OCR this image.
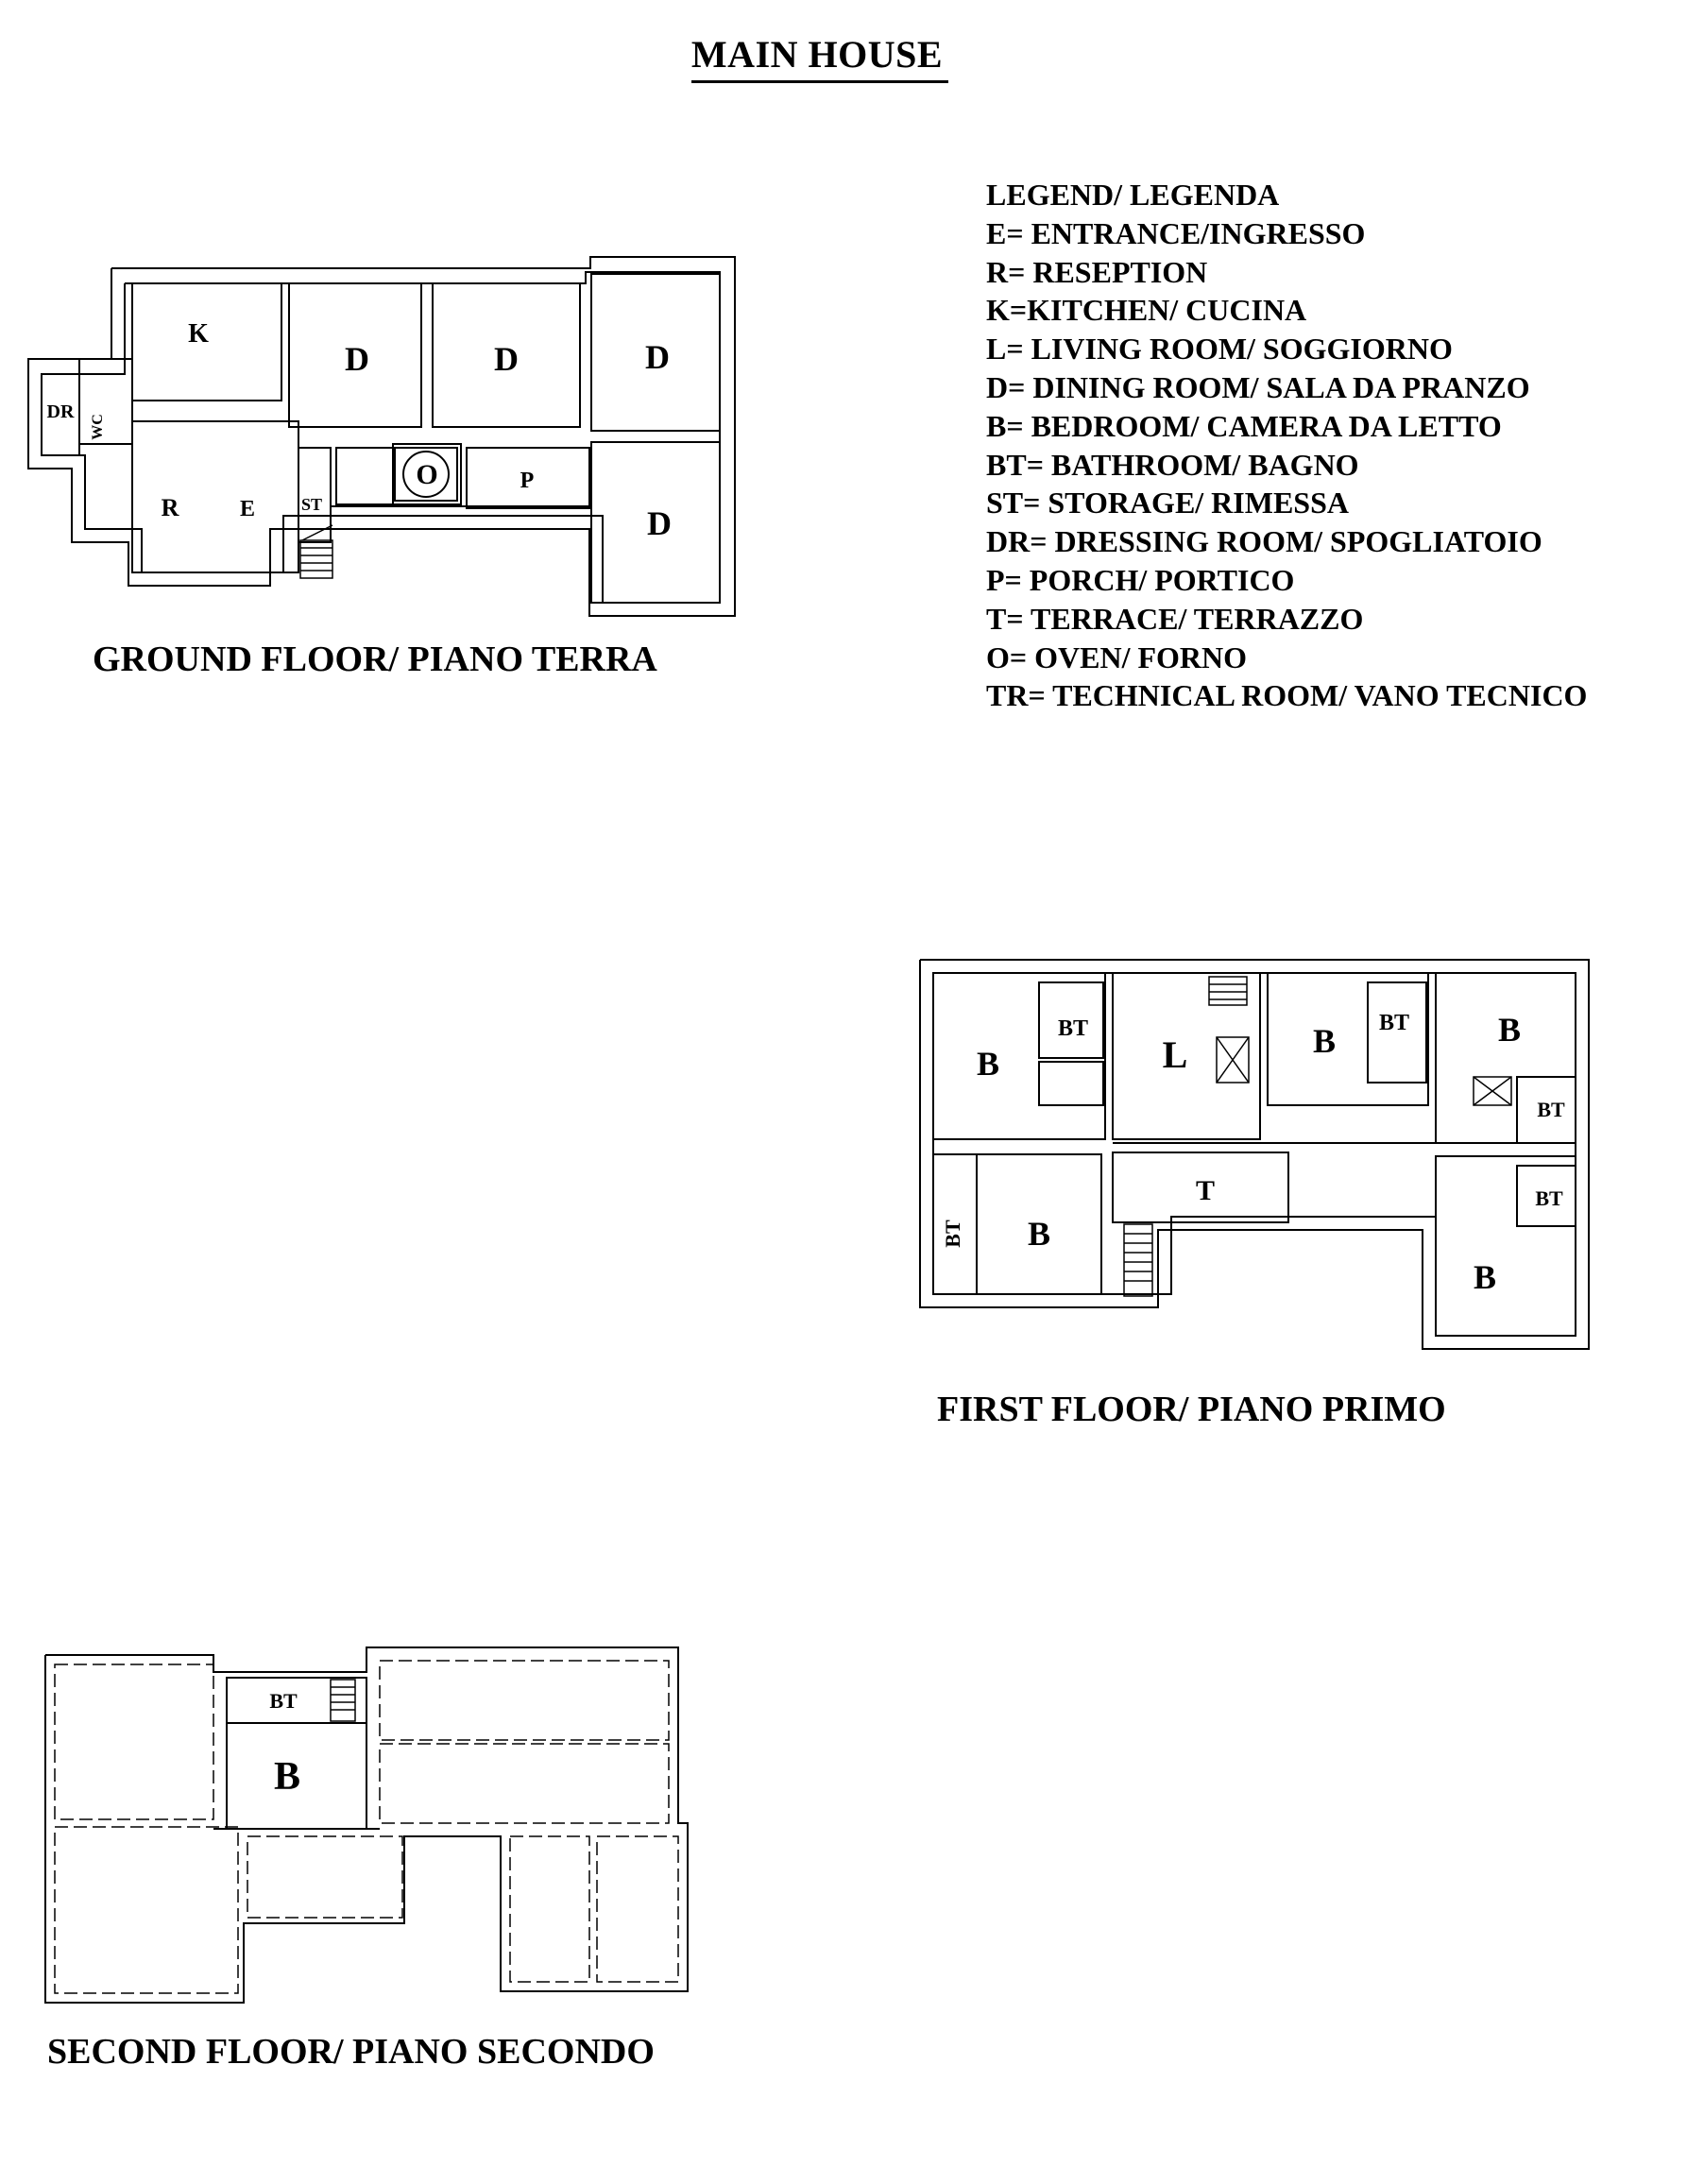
MAIN HOUSE
LEGEND/ LEGENDA
E= ENTRANCE/INGRESSO
R= RESEPTION
K=KITCHEN/ CUCINA
L= LIVING ROOM/ SOGGIORNO
D= DINING ROOM/ SALA DA PRANZO
B= BEDROOM/ CAMERA DA LETTO
BT= BATHROOM/ BAGNO
ST= STORAGE/ RIMESSA
DR= DRESSING ROOM/ SPOGLIATOIO
P= PORCH/ PORTICO
T= TERRACE/ TERRAZZO
O= OVEN/ FORNO
TR= TECHNICAL ROOM/ VANO TECNICO
GROUND FLOOR/ PIANO TERRA
FIRST FLOOR/ PIANO PRIMO
SECOND FLOOR/ PIANO SECONDO
K
D	D	D
D
DR
WC
R	E	ST
O	P
B
BT
L	B BT	B
BT
BT B
T	BT
B
BT
B
